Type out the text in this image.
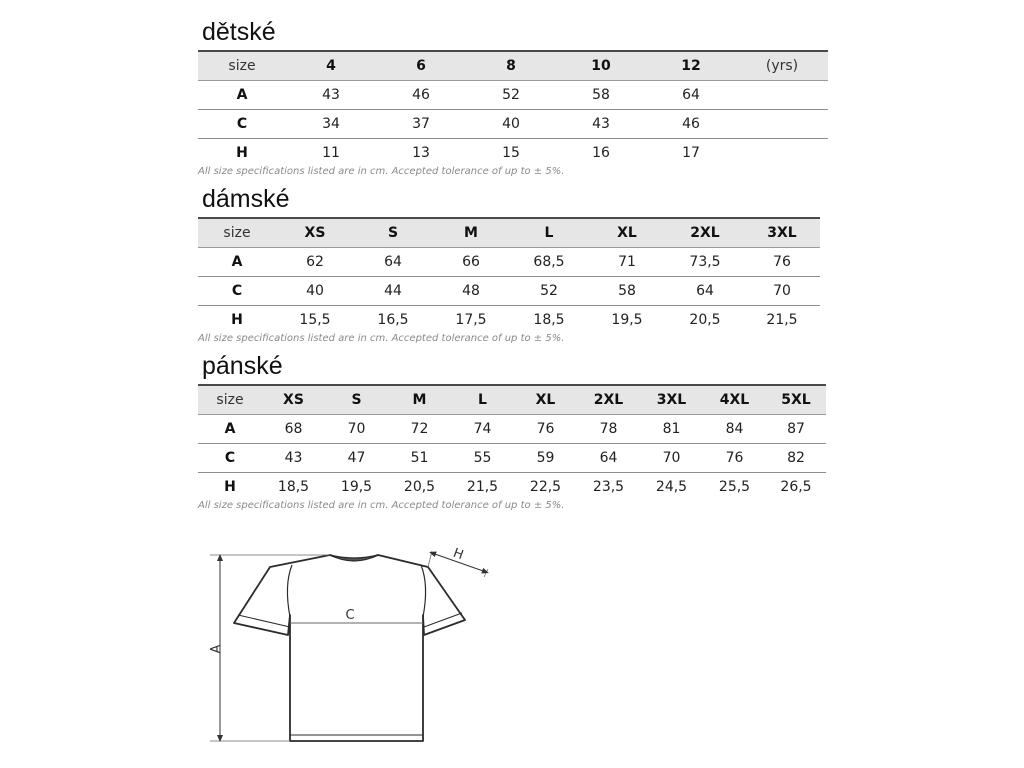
dětské
size	4	6	8	10	12	(yrs)
A	43	46	52	58	64	
C	34	37	40	43	46	
H	11	13	15	16	17	
All size specifications listed are in cm. Accepted tolerance of up to ± 5%.
dámské
size	XS	S	M	L	XL	2XL	3XL
A	62	64	66	68,5	71	73,5	76
C	40	44	48	52	58	64	70
H	15,5	16,5	17,5	18,5	19,5	20,5	21,5
All size specifications listed are in cm. Accepted tolerance of up to ± 5%.
pánské
size	XS	S	M	L	XL	2XL	3XL	4XL	5XL
A	68	70	72	74	76	78	81	84	87
C	43	47	51	55	59	64	70	76	82
H	18,5	19,5	20,5	21,5	22,5	23,5	24,5	25,5	26,5
All size specifications listed are in cm. Accepted tolerance of up to ± 5%.
C
A
H
